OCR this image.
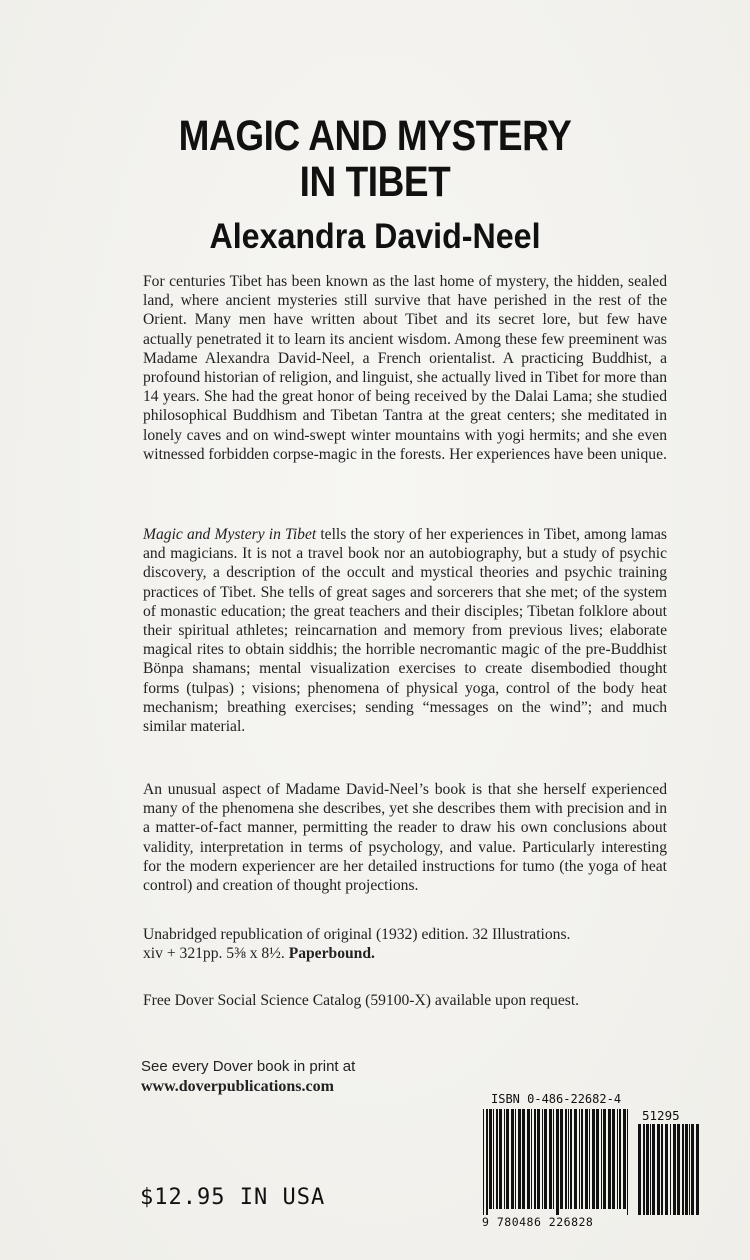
MAGIC AND MYSTERY
IN TIBET
Alexandra David-Neel

For centuries Tibet has been known as the last home of mystery, the hidden, sealed land, where ancient mysteries still survive that have perished in the rest of the Orient. Many men have written about Tibet and its secret lore, but few have actually penetrated it to learn its ancient wisdom. Among these few preeminent was Madame Alexandra David-Neel, a French orientalist. A practicing Buddhist, a profound historian of religion, and linguist, she actually lived in Tibet for more than 14 years. She had the great honor of being received by the Dalai Lama; she studied philosophical Buddhism and Tibetan Tantra at the great centers; she meditated in lonely caves and on wind-swept winter mountains with yogi hermits; and she even witnessed forbidden corpse-magic in the forests. Her experiences have been unique.

Magic and Mystery in Tibet tells the story of her experiences in Tibet, among lamas and magicians. It is not a travel book nor an autobiography, but a study of psychic discovery, a description of the occult and mystical theories and psychic training practices of Tibet. She tells of great sages and sorcerers that she met; of the system of monastic education; the great teachers and their disciples; Tibetan folklore about their spiritual athletes; reincarnation and memory from previous lives; elaborate magical rites to obtain siddhis; the horrible necromantic magic of the pre-Buddhist Bönpa shamans; mental visualization exercises to create disembodied thought forms (tulpas) ; visions; phenomena of physical yoga, control of the body heat mechanism; breathing exercises; sending “messages on the wind”; and much similar material.

An unusual aspect of Madame David-Neel’s book is that she herself experienced many of the phenomena she describes, yet she describes them with precision and in a matter-of-fact manner, permitting the reader to draw his own conclusions about validity, interpretation in terms of psychology, and value. Particularly interesting for the modern experiencer are her detailed instructions for tumo (the yoga of heat control) and creation of thought projections.

Unabridged republication of original (1932) edition. 32 Illustrations.

xiv + 321pp. 5⅜ x 8½. Paperbound.

Free Dover Social Science Catalog (59100-X) available upon request.
See every Dover book in print at
www.doverpublications.com
$12.95 IN USA
ISBN 0-486-22682-4
51295
9 780486 226828
